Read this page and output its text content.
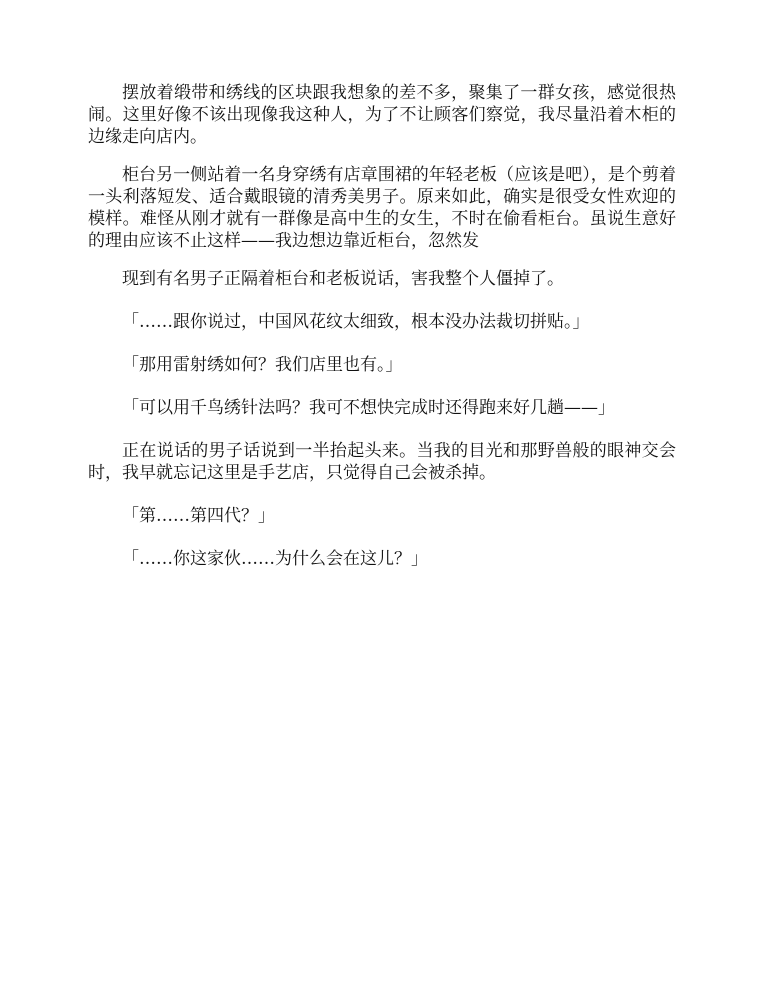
摆放着缎带和绣线的区块跟我想象的差不多，聚集了一群女孩，感觉很热闹。这里好像不该出现像我这种人，为了不让顾客们察觉，我尽量沿着木柜的边缘走向店内。

柜台另一侧站着一名身穿绣有店章围裙的年轻老板（应该是吧），是个剪着一头利落短发、适合戴眼镜的清秀美男子。原来如此，确实是很受女性欢迎的模样。难怪从刚才就有一群像是高中生的女生，不时在偷看柜台。虽说生意好的理由应该不止这样——我边想边靠近柜台，忽然发

现到有名男子正隔着柜台和老板说话，害我整个人僵掉了。

「……跟你说过，中国风花纹太细致，根本没办法裁切拼贴。」

「那用雷射绣如何？我们店里也有。」

「可以用千鸟绣针法吗？我可不想快完成时还得跑来好几趟——」

正在说话的男子话说到一半抬起头来。当我的目光和那野兽般的眼神交会时，我早就忘记这里是手艺店，只觉得自己会被杀掉。

「第……第四代？」

「……你这家伙……为什么会在这儿？」
